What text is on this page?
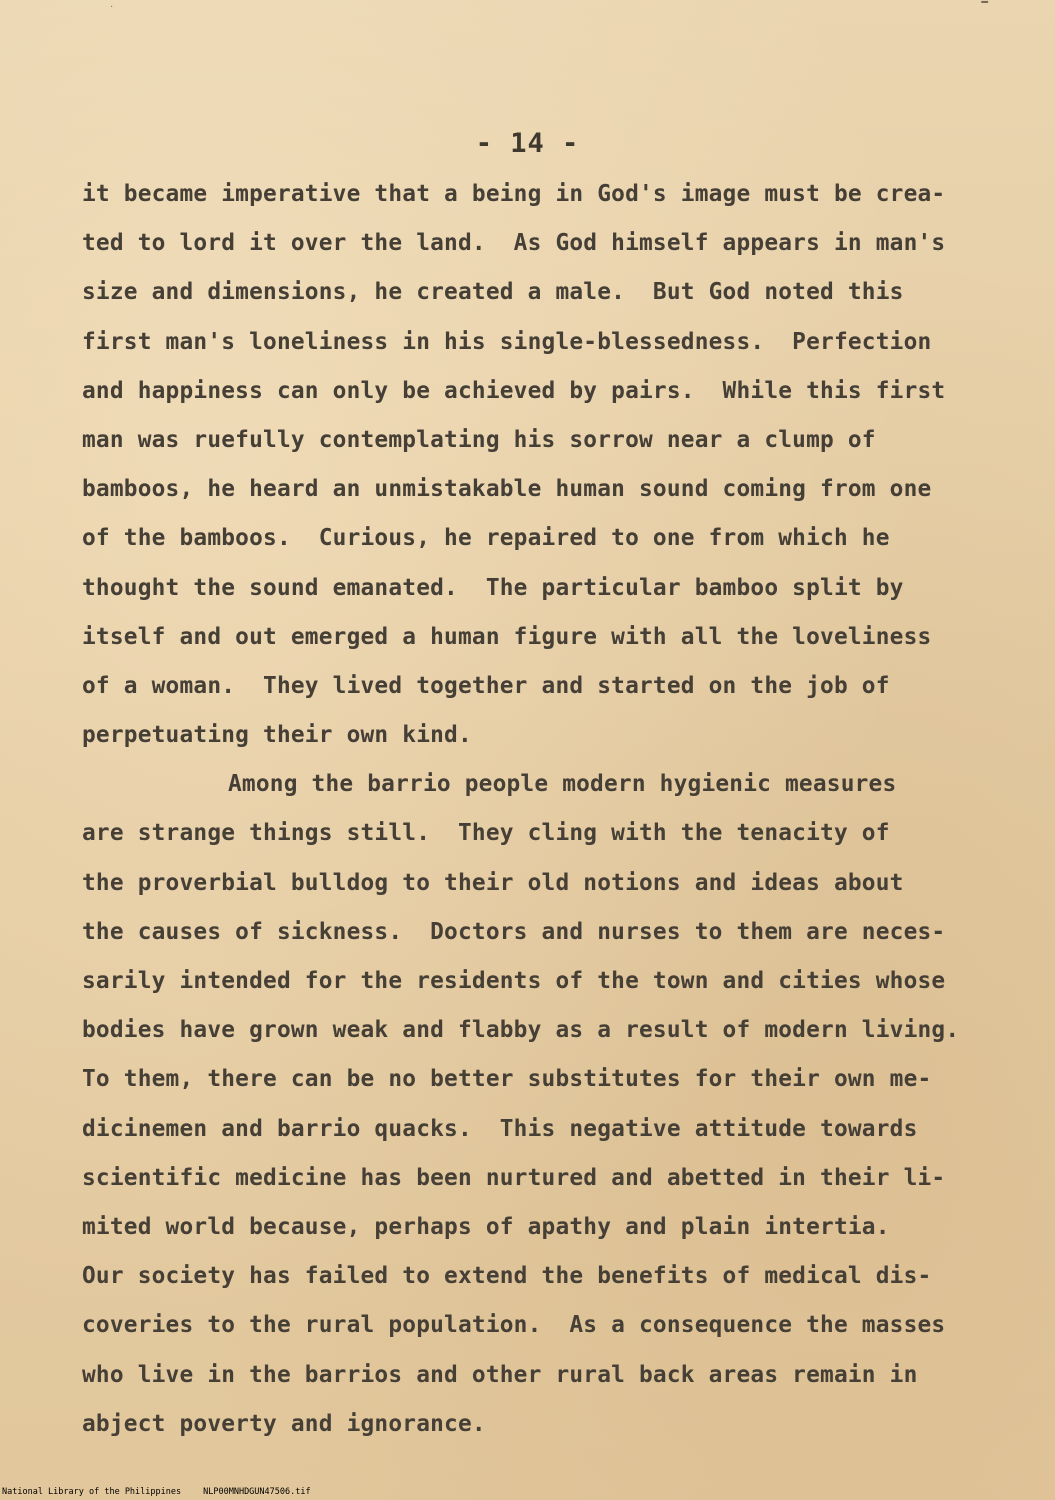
·	-
- 14 -
it became imperative that a being in God's image must be crea-
ted to lord it over the land.  As God himself appears in man's
size and dimensions, he created a male.  But God noted this
first man's loneliness in his single-blessedness.  Perfection
and happiness can only be achieved by pairs.  While this first
man was ruefully contemplating his sorrow near a clump of
bamboos, he heard an unmistakable human sound coming from one
of the bamboos.  Curious, he repaired to one from which he
thought the sound emanated.  The particular bamboo split by
itself and out emerged a human figure with all the loveliness
of a woman.  They lived together and started on the job of
perpetuating their own kind.
Among the barrio people modern hygienic measures
are strange things still.  They cling with the tenacity of
the proverbial bulldog to their old notions and ideas about
the causes of sickness.  Doctors and nurses to them are neces-
sarily intended for the residents of the town and cities whose
bodies have grown weak and flabby as a result of modern living.
To them, there can be no better substitutes for their own me-
dicinemen and barrio quacks.  This negative attitude towards
scientific medicine has been nurtured and abetted in their li-
mited world because, perhaps of apathy and plain intertia.
Our society has failed to extend the benefits of medical dis-
coveries to the rural population.  As a consequence the masses
who live in the barrios and other rural back areas remain in
abject poverty and ignorance.
National Library of the Philippines	NLP00MNHDGUN47506.tif
